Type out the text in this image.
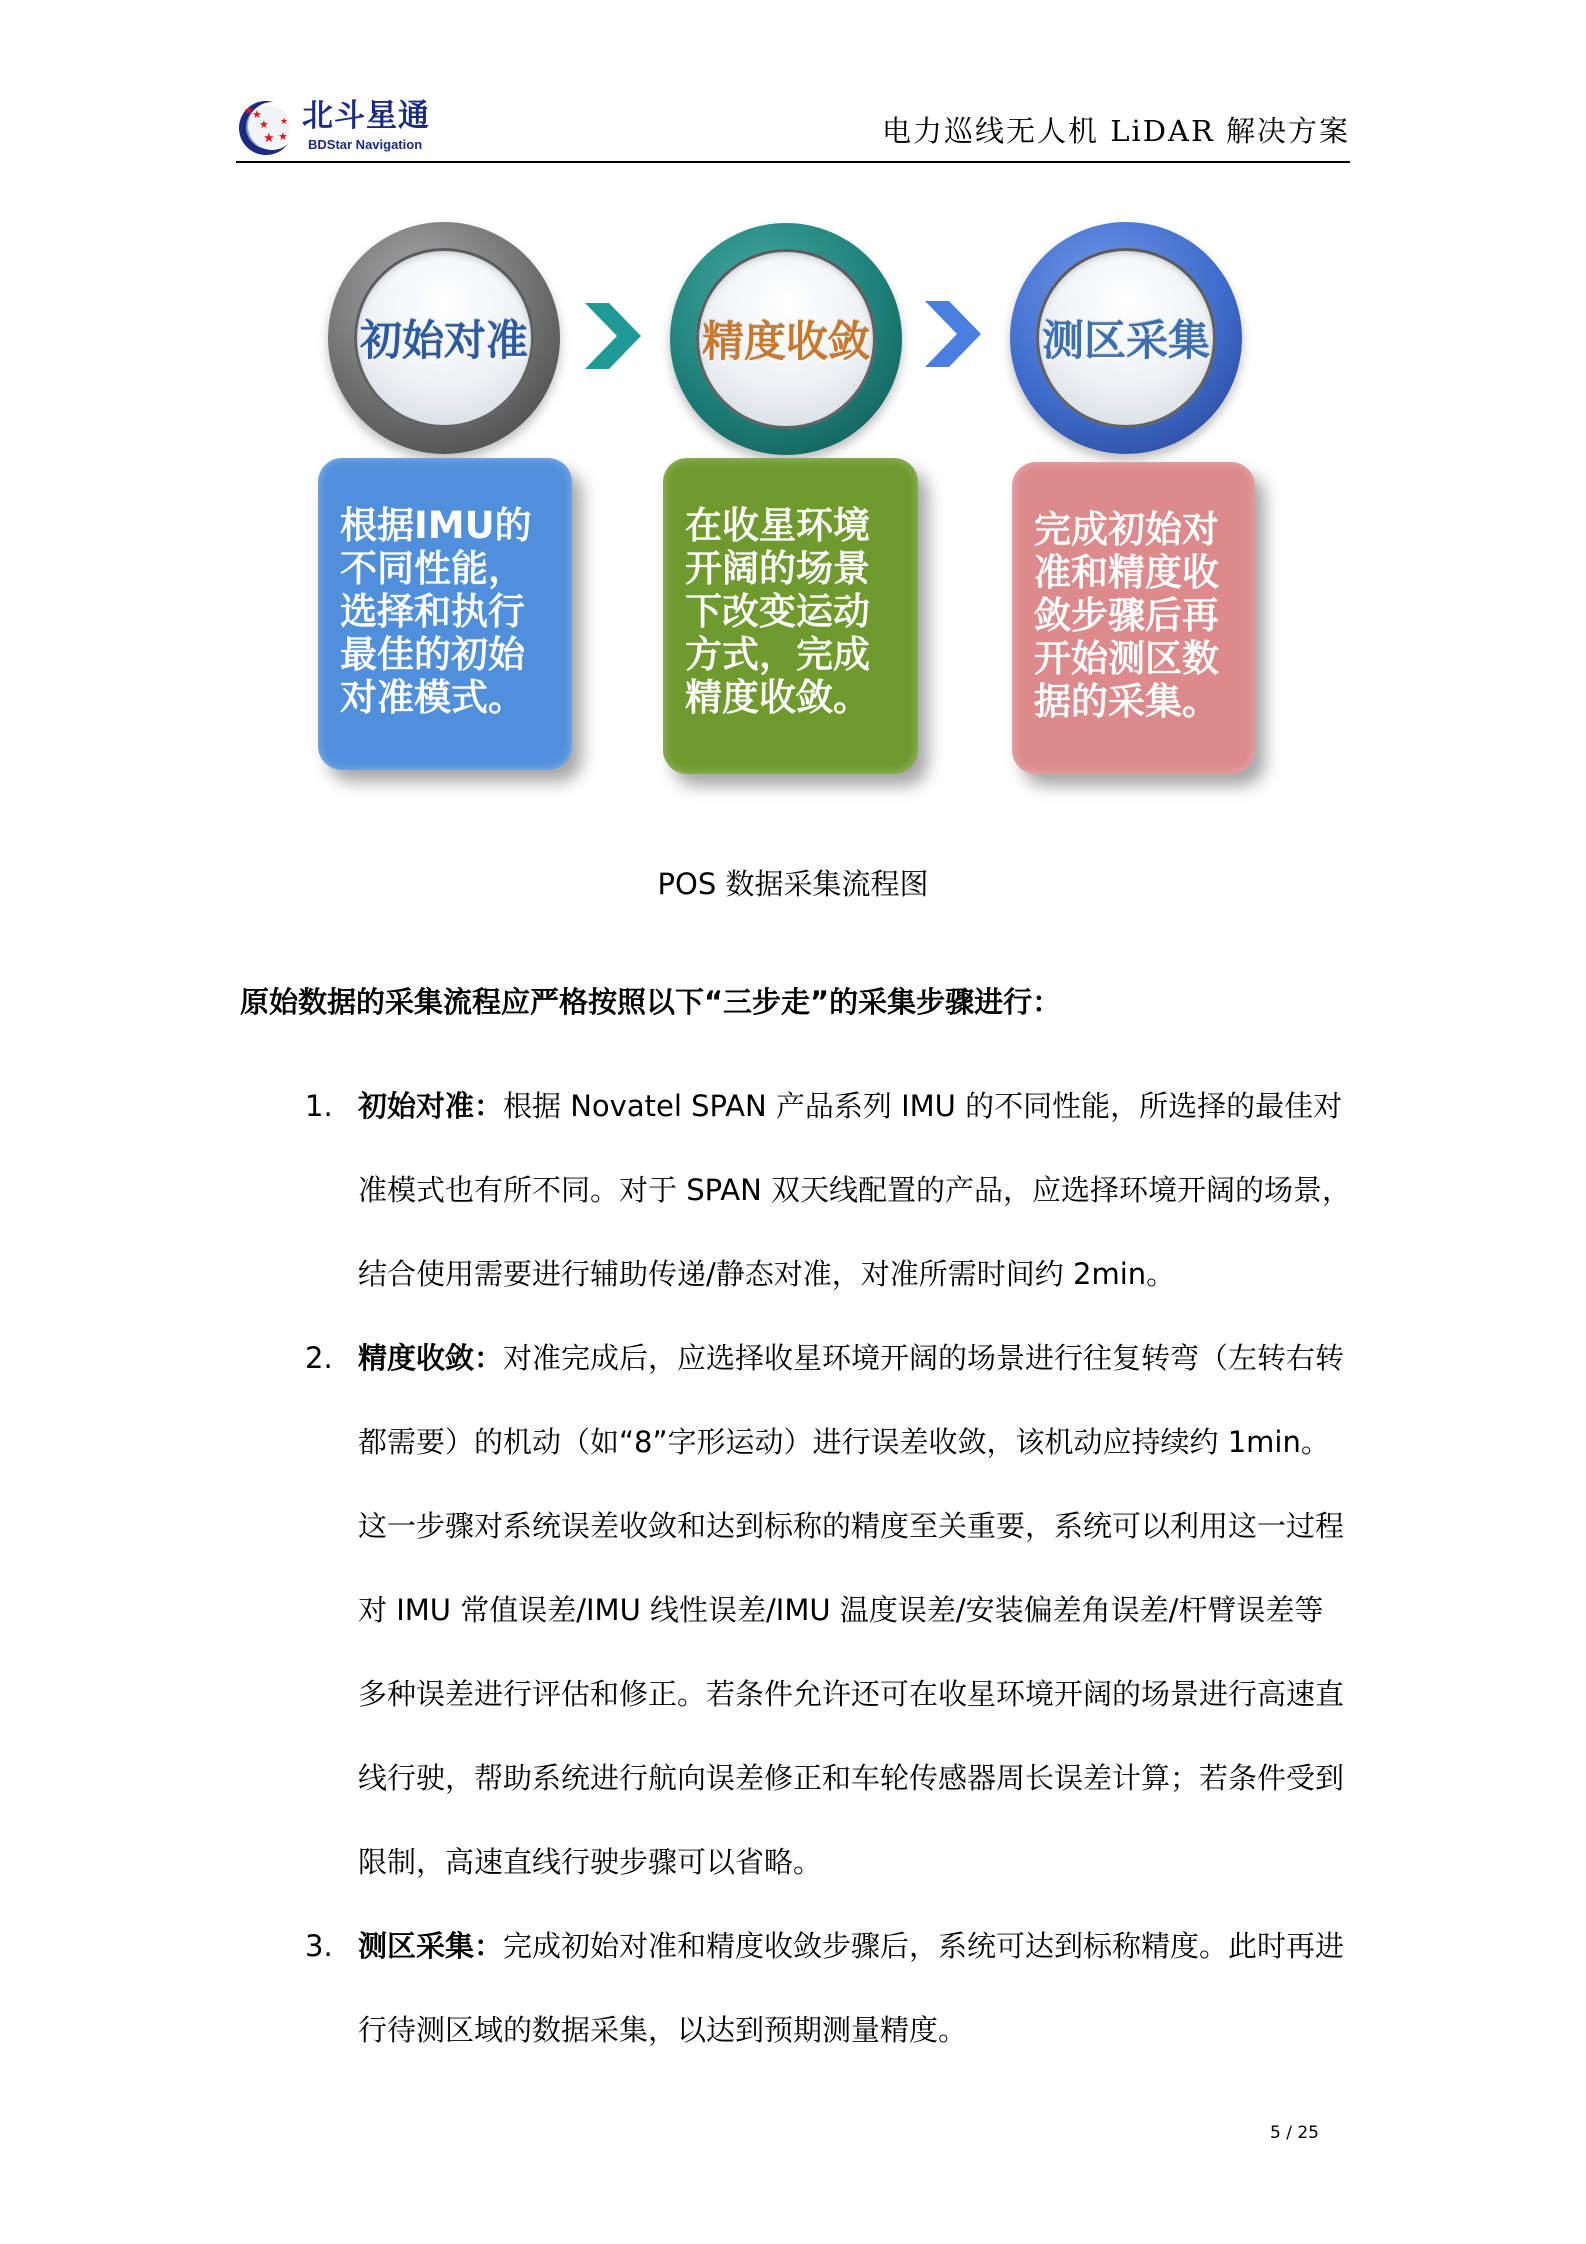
★
★
★
★ ★
★ 北斗星通
BDStar Navigation	电力巡线无人机 LiDAR 解决方案
初始对准	精度收敛	测区采集
根据IMU的
不同性能，
选择和执行
最佳的初始
对准模式。
在收星环境
开阔的场景
下改变运动
方式，完成
精度收敛。
完成初始对
准和精度收
敛步骤后再
开始测区数
据的采集。
POS 数据采集流程图
原始数据的采集流程应严格按照以下“三步走”的采集步骤进行：
1. 初始对准：根据 Novatel SPAN 产品系列 IMU 的不同性能，所选择的最佳对
准模式也有所不同。对于 SPAN 双天线配置的产品，应选择环境开阔的场景，
结合使用需要进行辅助传递/静态对准，对准所需时间约 2min。
2. 精度收敛：对准完成后，应选择收星环境开阔的场景进行往复转弯（左转右转
都需要）的机动（如“8”字形运动）进行误差收敛，该机动应持续约 1min。
这一步骤对系统误差收敛和达到标称的精度至关重要，系统可以利用这一过程
对 IMU 常值误差/IMU 线性误差/IMU 温度误差/安装偏差角误差/杆臂误差等
多种误差进行评估和修正。若条件允许还可在收星环境开阔的场景进行高速直
线行驶，帮助系统进行航向误差修正和车轮传感器周长误差计算；若条件受到
限制，高速直线行驶步骤可以省略。
3. 测区采集：完成初始对准和精度收敛步骤后，系统可达到标称精度。此时再进
行待测区域的数据采集，以达到预期测量精度。
5 / 25
